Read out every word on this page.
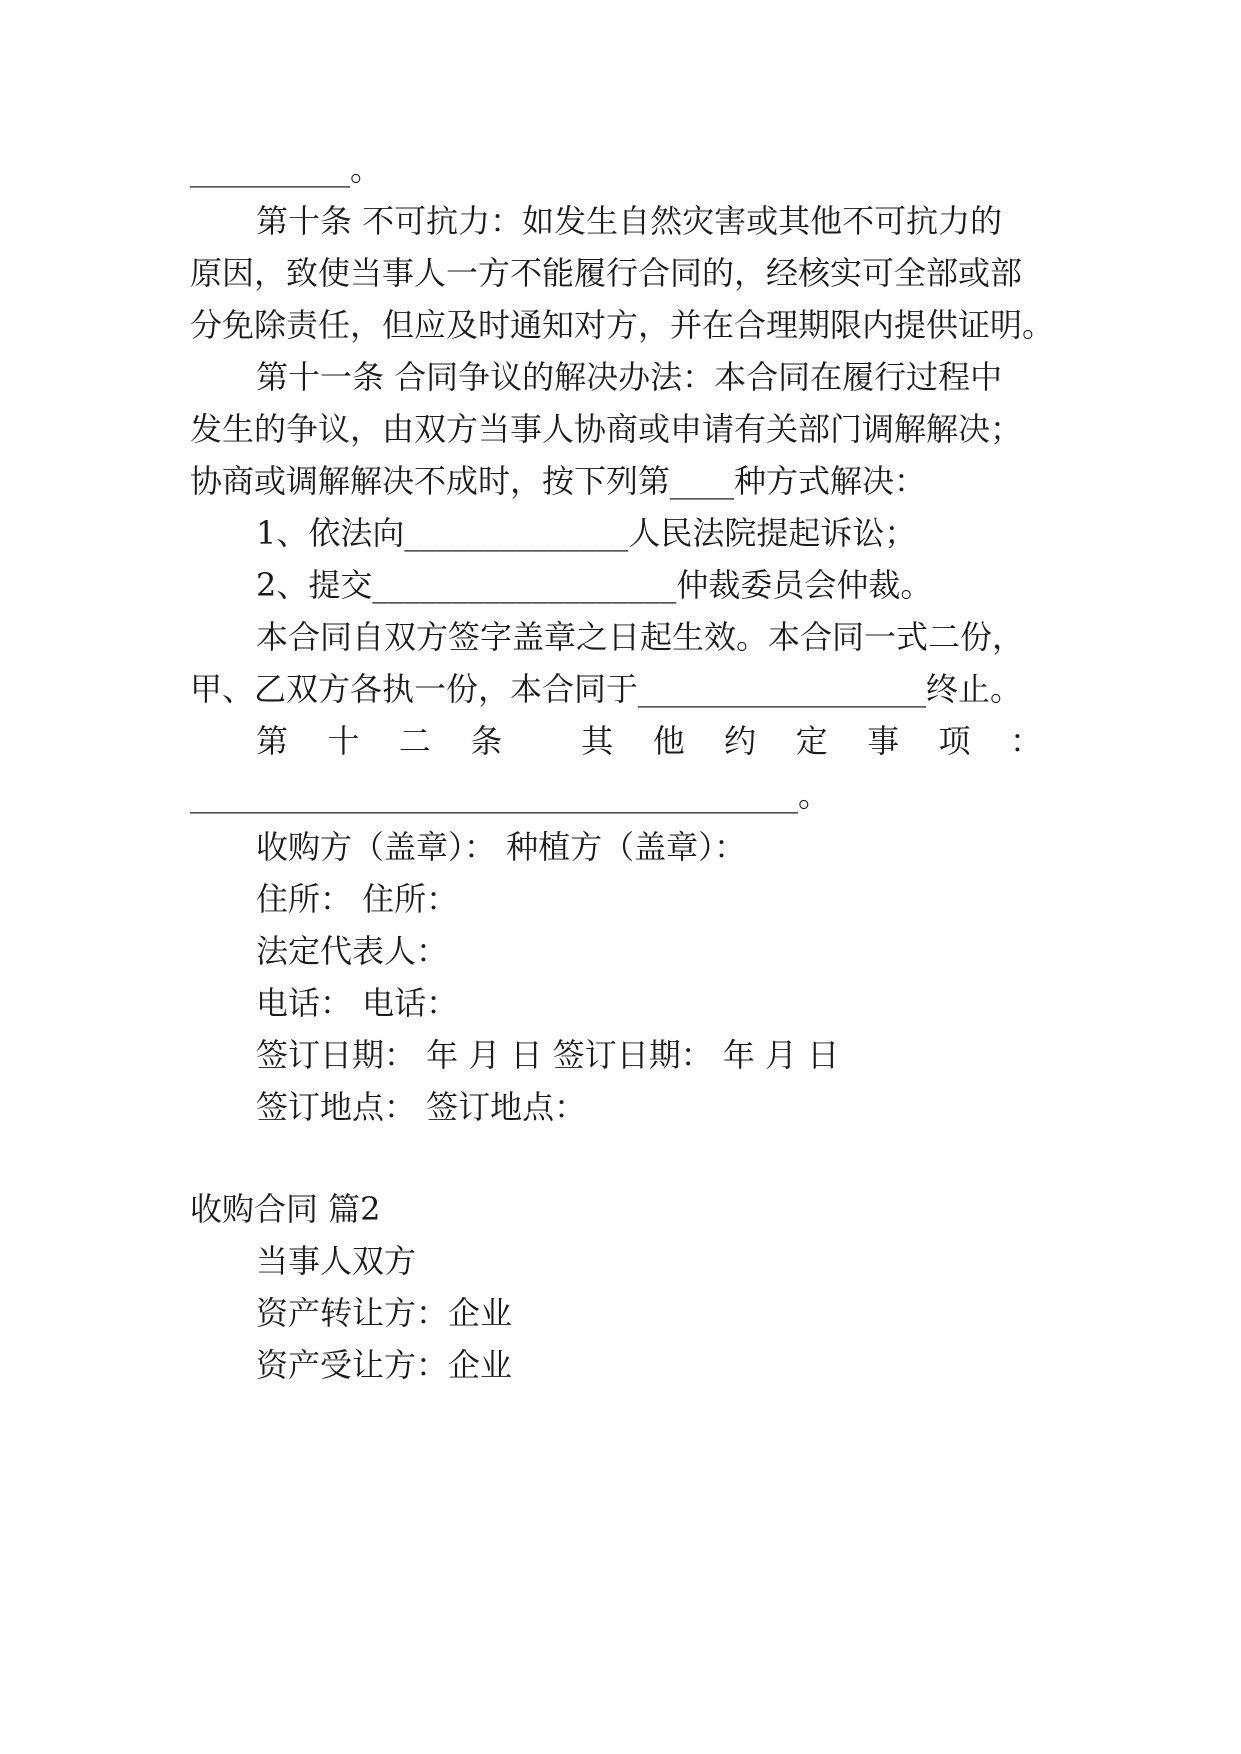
__________。
第十条 不可抗力：如发生自然灾害或其他不可抗力的
原因，致使当事人一方不能履行合同的，经核实可全部或部
分免除责任，但应及时通知对方，并在合理期限内提供证明。
第十一条 合同争议的解决办法：本合同在履行过程中
发生的争议，由双方当事人协商或申请有关部门调解解决；
协商或调解解决不成时，按下列第____种方式解决：
1、依法向______________人民法院提起诉讼；
2、提交___________________仲裁委员会仲裁。
本合同自双方签字盖章之日起生效。本合同一式二份，
甲、乙双方各执一份，本合同于__________________终止。
第 十 二 条 其 他 约 定 事 项 ：
______________________________________。
收购方（盖章）： 种植方（盖章）：
住所： 住所：
法定代表人：
电话： 电话：
签订日期： 年 月 日 签订日期： 年 月 日
签订地点： 签订地点：
收购合同 篇2
当事人双方
资产转让方：企业
资产受让方：企业
